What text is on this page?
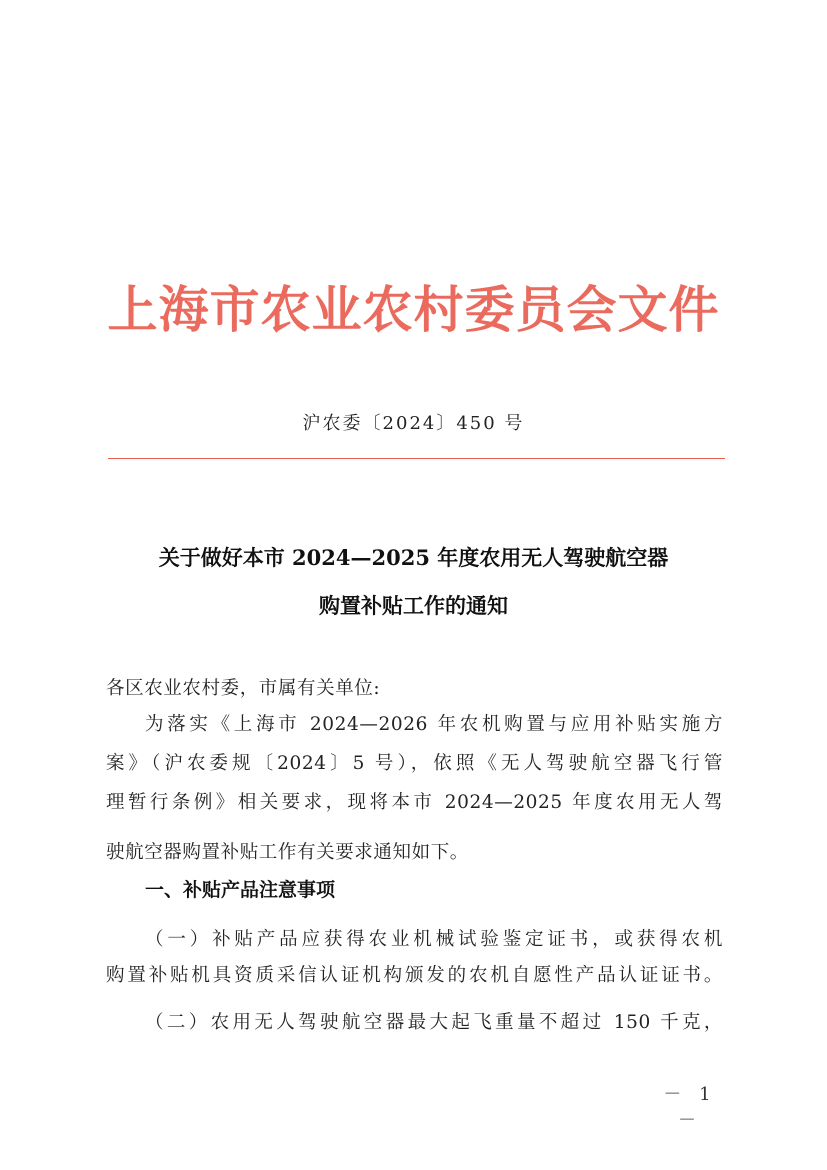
上海市农业农村委员会文件
沪农委〔2024〕450 号
关于做好本市 2024—2025 年度农用无人驾驶航空器
购置补贴工作的通知
各区农业农村委，市属有关单位:
为落实《上海市 2024—2026 年农机购置与应用补贴实施方
案》（沪农委规〔2024〕5 号），依照《无人驾驶航空器飞行管
理暂行条例》相关要求，现将本市 2024—2025 年度农用无人驾
驶航空器购置补贴工作有关要求通知如下。
一、补贴产品注意事项
（一）补贴产品应获得农业机械试验鉴定证书，或获得农机
购置补贴机具资质采信认证机构颁发的农机自愿性产品认证证书。
（二）农用无人驾驶航空器最大起飞重量不超过 150 千克，
－ 1 －
